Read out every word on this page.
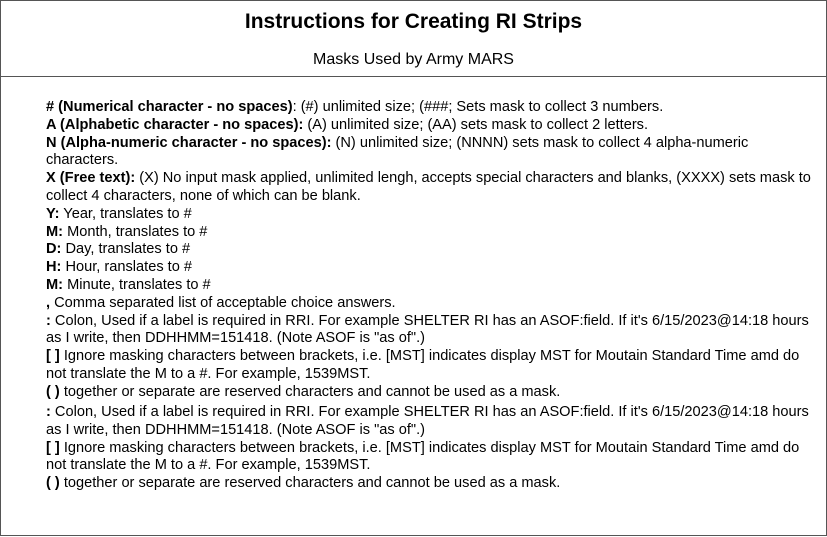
Instructions for Creating RI Strips
Masks Used by Army MARS
# (Numerical character - no spaces): (#) unlimited size; (###; Sets mask to collect 3 numbers.
A (Alphabetic character - no spaces): (A) unlimited size; (AA) sets mask to collect 2 letters.
N (Alpha-numeric character - no spaces): (N) unlimited size; (NNNN) sets mask to collect 4 alpha-numeric characters.
X (Free text): (X) No input mask applied, unlimited lengh, accepts special characters and blanks, (XXXX) sets mask to collect 4 characters, none of which can be blank.
Y: Year, translates to #
M: Month, translates to #
D: Day, translates to #
H: Hour, ranslates to #
M: Minute, translates to #
, Comma separated list of acceptable choice answers.
: Colon, Used if a label is required in RRI. For example SHELTER RI has an ASOF:field. If it's 6/15/2023@14:18 hours as I write, then DDHHMM=151418. (Note ASOF is "as of".)
[ ] Ignore masking characters between brackets, i.e. [MST] indicates display MST for Moutain Standard Time amd do not translate the M to a #. For example, 1539MST.
( ) together or separate are reserved characters and cannot be used as a mask.
: Colon, Used if a label is required in RRI. For example SHELTER RI has an ASOF:field. If it's 6/15/2023@14:18 hours as I write, then DDHHMM=151418. (Note ASOF is "as of".)
[ ] Ignore masking characters between brackets, i.e. [MST] indicates display MST for Moutain Standard Time amd do not translate the M to a #. For example, 1539MST.
( ) together or separate are reserved characters and cannot be used as a mask.
